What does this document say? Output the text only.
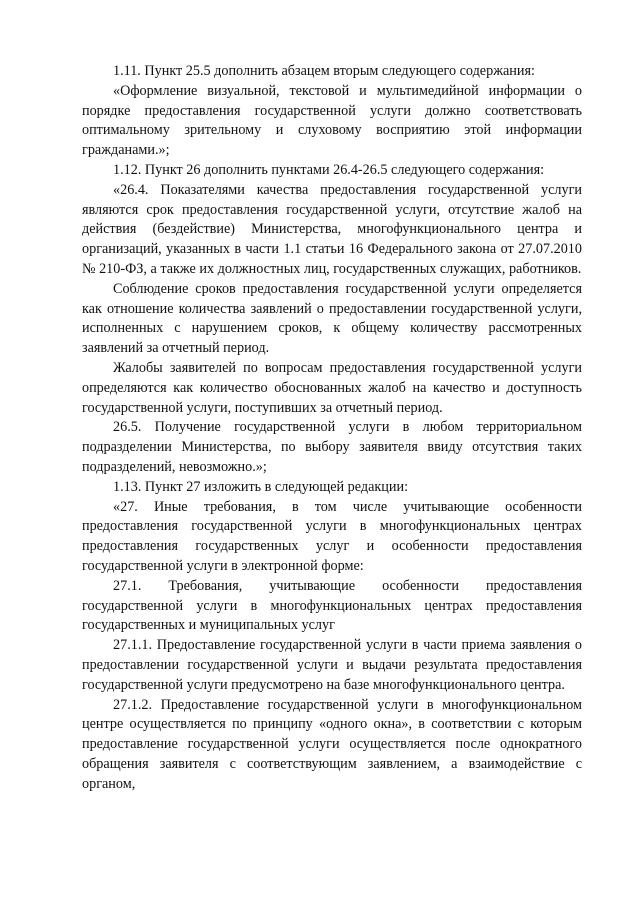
1.11. Пункт 25.5 дополнить абзацем вторым следующего содержания:

«Оформление визуальной, текстовой и мультимедийной информации о порядке предоставления государственной услуги должно соответствовать оптимальному зрительному и слуховому восприятию этой информации гражданами.»;

1.12. Пункт 26 дополнить пунктами 26.4-26.5 следующего содержания:

«26.4. Показателями качества предоставления государственной услуги являются срок предоставления государственной услуги, отсутствие жалоб на действия (бездействие) Министерства, многофункционального центра и организаций, указанных в части 1.1 статьи 16 Федерального закона от 27.07.2010 № 210-ФЗ, а также их должностных лиц, государственных служащих, работников.

Соблюдение сроков предоставления государственной услуги определяется как отношение количества заявлений о предоставлении государственной услуги, исполненных с нарушением сроков, к общему количеству рассмотренных заявлений за отчетный период.

Жалобы заявителей по вопросам предоставления государственной услуги определяются как количество обоснованных жалоб на качество и доступность государственной услуги, поступивших за отчетный период.

26.5. Получение государственной услуги в любом территориальном подразделении Министерства, по выбору заявителя ввиду отсутствия таких подразделений, невозможно.»;

1.13. Пункт 27 изложить в следующей редакции:

«27. Иные требования, в том числе учитывающие особенности предоставления государственной услуги в многофункциональных центрах предоставления государственных услуг и особенности предоставления государственной услуги в электронной форме:

27.1. Требования, учитывающие особенности предоставления государственной услуги в многофункциональных центрах предоставления государственных и муниципальных услуг

27.1.1. Предоставление государственной услуги в части приема заявления о предоставлении государственной услуги и выдачи результата предоставления государственной услуги предусмотрено на базе многофункционального центра.

27.1.2. Предоставление государственной услуги в многофункциональном центре осуществляется по принципу «одного окна», в соответствии с которым предоставление государственной услуги осуществляется после однократного обращения заявителя с соответствующим заявлением, а взаимодействие с органом,
